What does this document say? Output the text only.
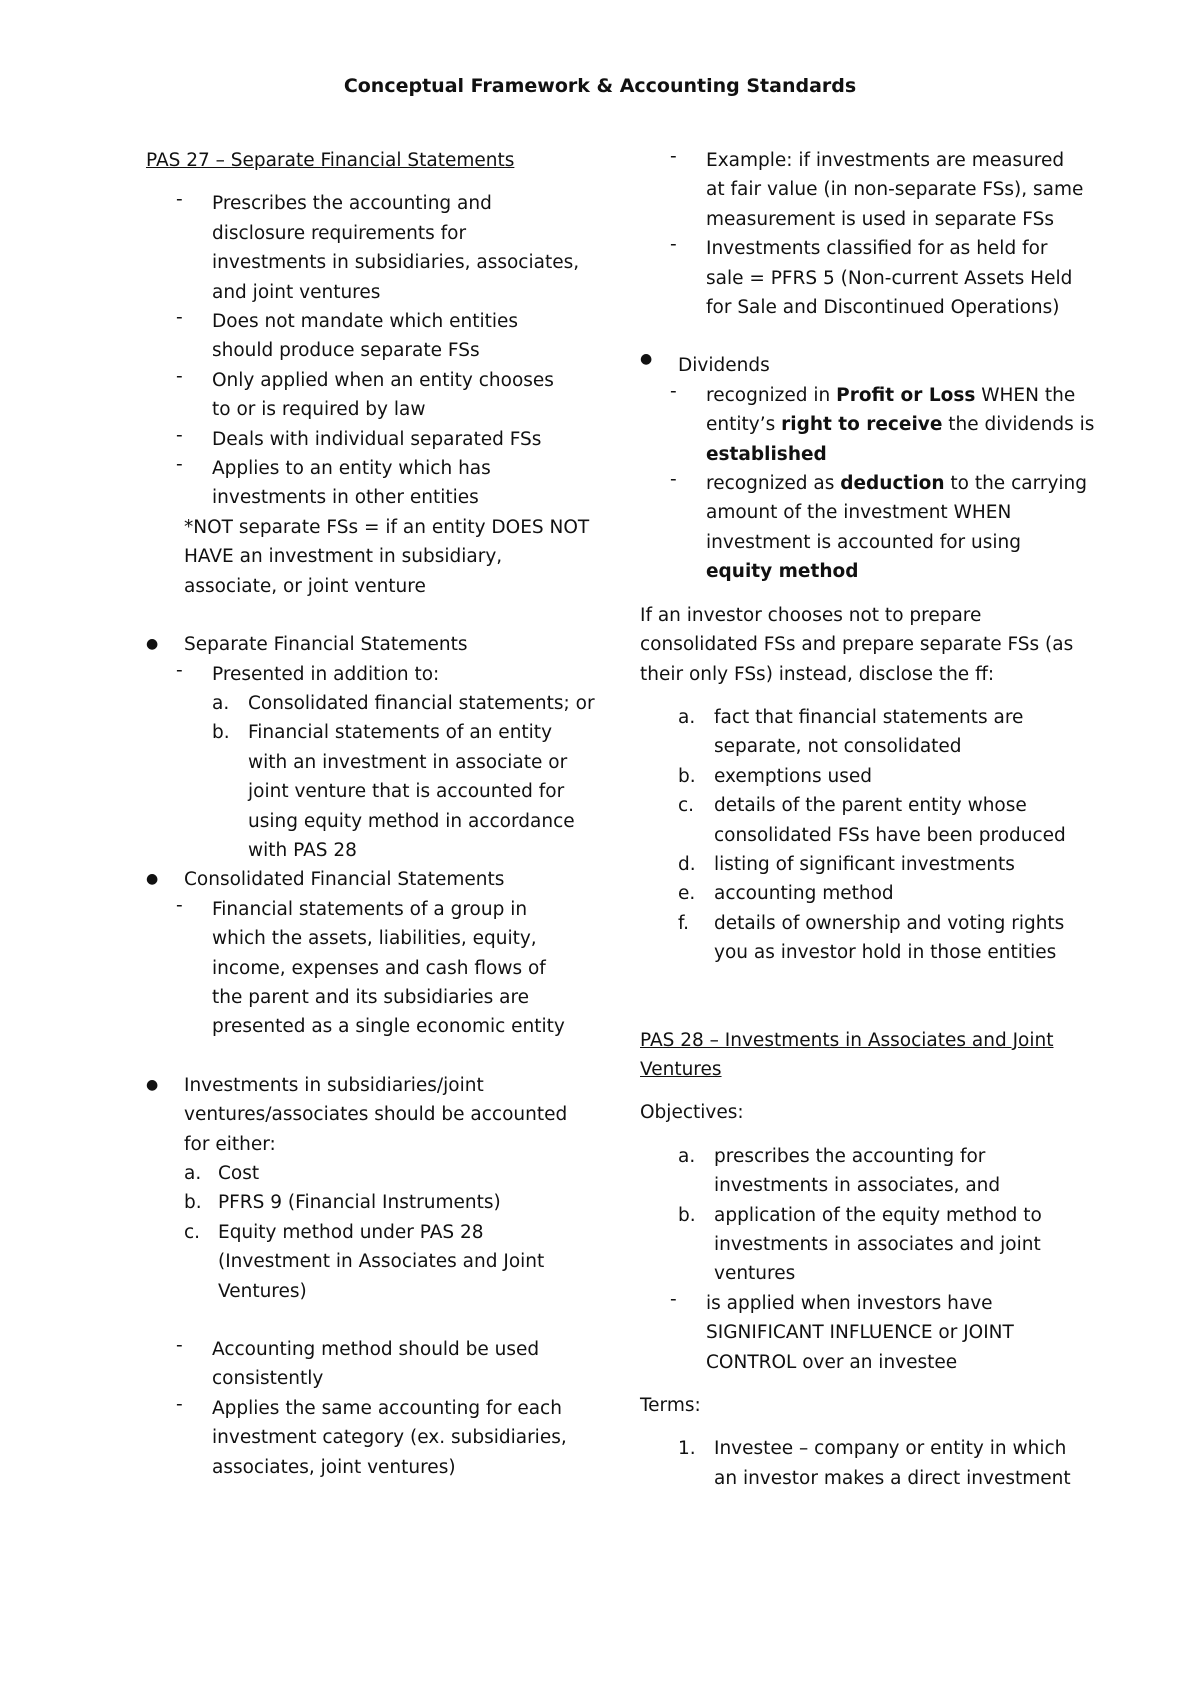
Conceptual Framework & Accounting Standards
PAS 27 – Separate Financial Statements
- Prescribes the accounting and
disclosure requirements for
investments in subsidiaries, associates,
and joint ventures
- Does not mandate which entities
should produce separate FSs
- Only applied when an entity chooses
to or is required by law
- Deals with individual separated FSs
- Applies to an entity which has
investments in other entities
*NOT separate FSs = if an entity DOES NOT
HAVE an investment in subsidiary,
associate, or joint venture
● Separate Financial Statements
- Presented in addition to:
a. Consolidated financial statements; or
b. Financial statements of an entity
with an investment in associate or
joint venture that is accounted for
using equity method in accordance
with PAS 28
● Consolidated Financial Statements
- Financial statements of a group in
which the assets, liabilities, equity,
income, expenses and cash flows of
the parent and its subsidiaries are
presented as a single economic entity
● Investments in subsidiaries/joint
ventures/associates should be accounted
for either:
a. Cost
b. PFRS 9 (Financial Instruments)
c. Equity method under PAS 28
(Investment in Associates and Joint
Ventures)
- Accounting method should be used
consistently
- Applies the same accounting for each
investment category (ex. subsidiaries,
associates, joint ventures)
- Example: if investments are measured
at fair value (in non-separate FSs), same
measurement is used in separate FSs
- Investments classified for as held for
sale = PFRS 5 (Non-current Assets Held
for Sale and Discontinued Operations)
● Dividends
- recognized in Profit or Loss WHEN the
entity’s right to receive the dividends is
established
- recognized as deduction to the carrying
amount of the investment WHEN
investment is accounted for using
equity method
If an investor chooses not to prepare
consolidated FSs and prepare separate FSs (as
their only FSs) instead, disclose the ff:
a. fact that financial statements are
separate, not consolidated
b. exemptions used
c. details of the parent entity whose
consolidated FSs have been produced
d. listing of significant investments
e. accounting method
f. details of ownership and voting rights
you as investor hold in those entities
PAS 28 – Investments in Associates and Joint
Ventures
Objectives:
a. prescribes the accounting for
investments in associates, and
b. application of the equity method to
investments in associates and joint
ventures
- is applied when investors have
SIGNIFICANT INFLUENCE or JOINT
CONTROL over an investee
Terms:
1. Investee – company or entity in which
an investor makes a direct investment
